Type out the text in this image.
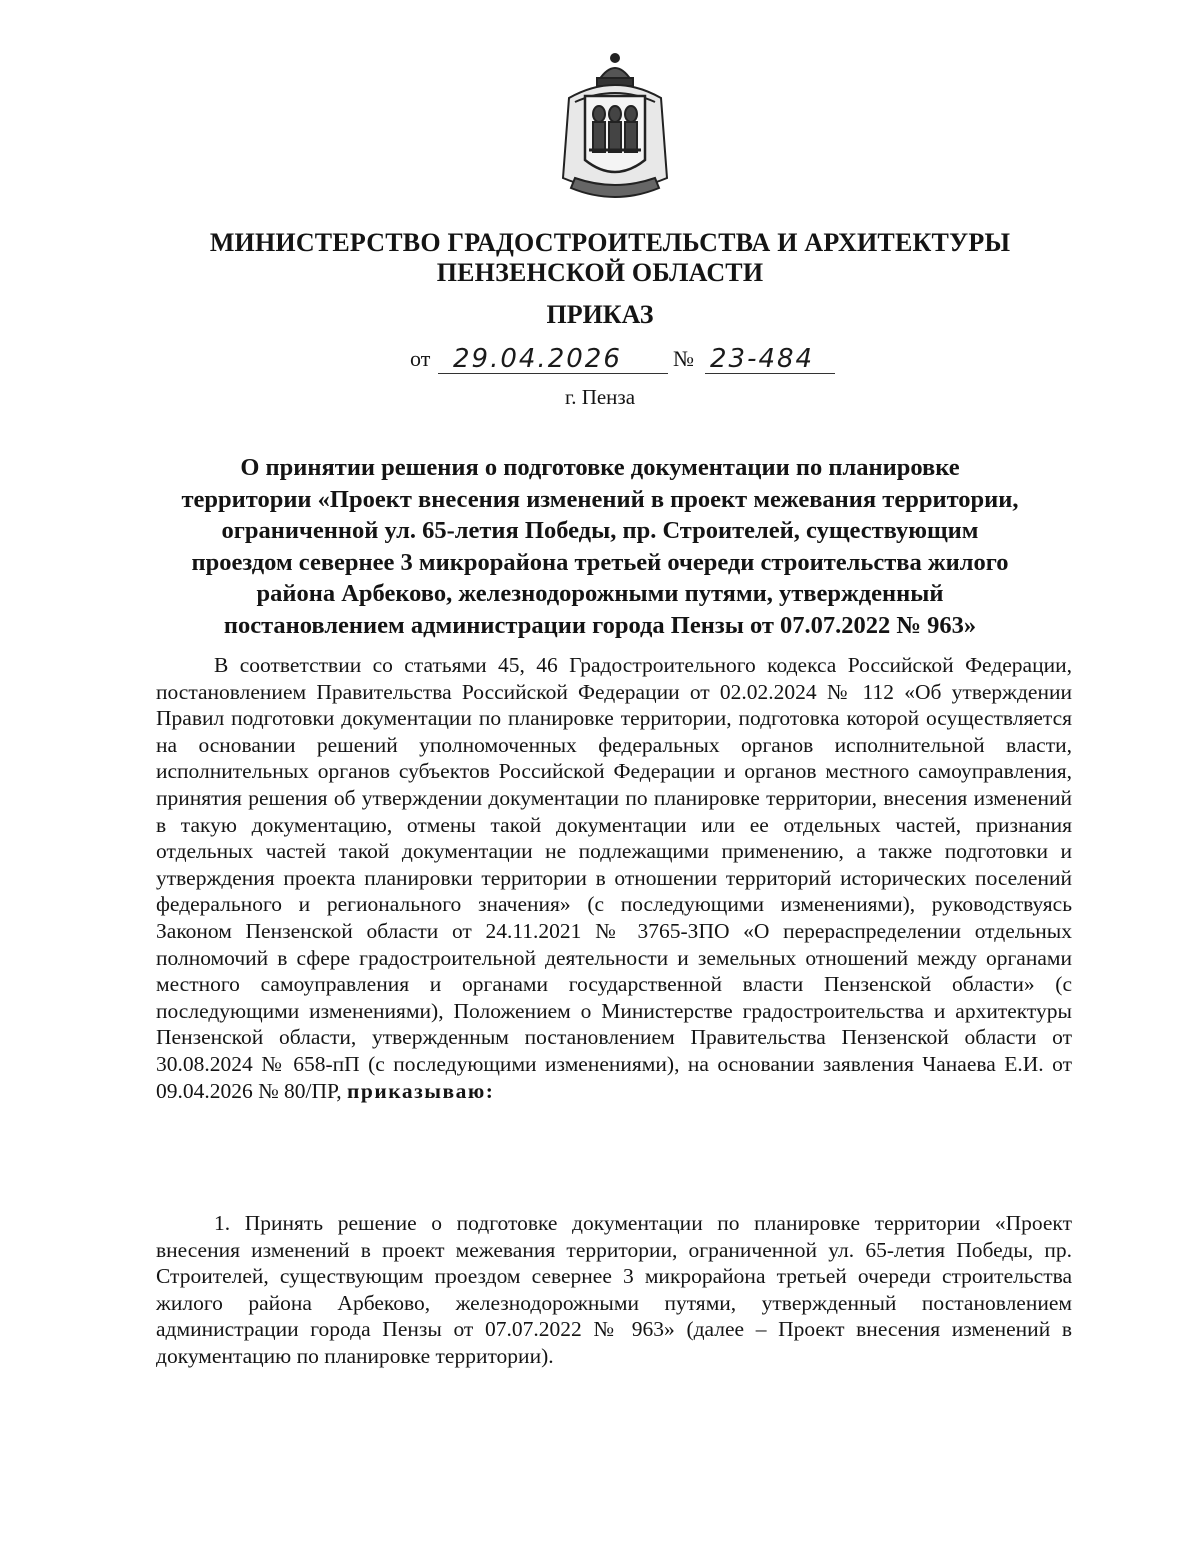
МИНИСТЕРСТВО ГРАДОСТРОИТЕЛЬСТВА И АРХИТЕКТУРЫ
ПЕНЗЕНСКОЙ ОБЛАСТИ
ПРИКАЗ
от 29.04.2026 № 23-484
г. Пенза
О принятии решения о подготовке документации по планировке
территории «Проект внесения изменений в проект межевания территории,
ограниченной ул. 65-летия Победы, пр. Строителей, существующим
проездом севернее 3 микрорайона третьей очереди строительства жилого
района Арбеково, железнодорожными путями, утвержденный
постановлением администрации города Пензы от 07.07.2022 № 963»
В соответствии со статьями 45, 46 Градостроительного кодекса Российской Федерации, постановлением Правительства Российской Федерации от 02.02.2024 № 112 «Об утверждении Правил подготовки документации по планировке территории, подготовка которой осуществляется на основании решений уполномоченных федеральных органов исполнительной власти, исполнительных органов субъектов Российской Федерации и органов местного самоуправления, принятия решения об утверждении документации по планировке территории, внесения изменений в такую документацию, отмены такой документации или ее отдельных частей, признания отдельных частей такой документации не подлежащими применению, а также подготовки и утверждения проекта планировки территории в отношении территорий исторических поселений федерального и регионального значения» (с последующими изменениями), руководствуясь Законом Пензенской области от 24.11.2021 № 3765-ЗПО «О перераспределении отдельных полномочий в сфере градостроительной деятельности и земельных отношений между органами местного самоуправления и органами государственной власти Пензенской области» (с последующими изменениями), Положением о Министерстве градостроительства и архитектуры Пензенской области, утвержденным постановлением Правительства Пензенской области от 30.08.2024 № 658-пП (с последующими изменениями), на основании заявления Чанаева Е.И. от 09.04.2026 № 80/ПР, приказываю:
1. Принять решение о подготовке документации по планировке территории «Проект внесения изменений в проект межевания территории, ограниченной ул. 65-летия Победы, пр. Строителей, существующим проездом севернее 3 микрорайона третьей очереди строительства жилого района Арбеково, железнодорожными путями, утвержденный постановлением администрации города Пензы от 07.07.2022 № 963» (далее – Проект внесения изменений в документацию по планировке территории).
